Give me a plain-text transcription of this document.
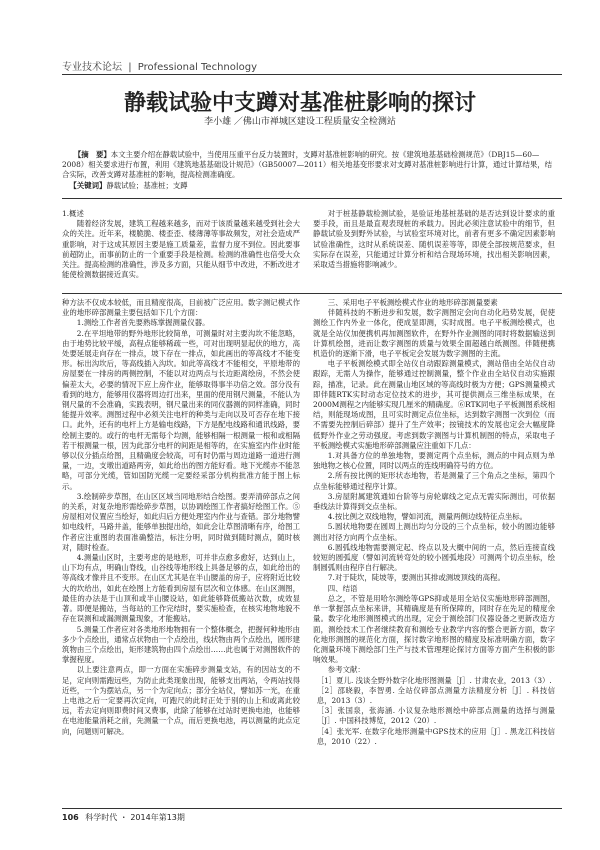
专业技术论坛 | Professional Technology
静载试验中支蹲对基准桩影响的探讨
李小雄 ／佛山市禅城区建设工程质量安全检测站
【摘　要】本文主要介绍在静载试验中，当使用压重平台反力装置时，支蹲对基准桩影响的研究。按《建筑地基基础检测规范》（DBJ15—60—2008）相关要求进行布置，利用《建筑地基基础设计规范》（GB50007—2011）相关地基变形要求对支蹲对基准桩影响进行计算，通过计算结果，结合实际，改善支蹲对基准桩的影响，提高检测准确度。
【关键词】静载试验；基准桩；支蹲
1.概述

随着经济发展，建筑工程越来越多，而对于该质量越来越受到社会大众的关注。近年来，楼脆脆、楼歪歪、楼薄薄等事故频发，对社会造成严重影响，对于这成其原因主要是施工质量差，监督力度不到位。因此要事前超防止，而事前防止的一个重要手段是检测。检测的准确性也倍受大众关注。提高检测的准确性，涉及多方面，只能从细节中改进，不断改进才能使检测数据接近真实。

对于桩基静载检测试验，是验证地基桩基础的是否达到设计要求的重要手段，而且是最直观表现桩的承载力。因此必须注意试验中的细节，但静载试验及到野外试验，与试验室环境对比，前者有更多不确定因素影响试验准确性，这时从系统误差、随机误差等等，即使全部按规范要求，但实际存在误差，只能通过计算分析和结合现场环境，找出相关影响因素，采取适当措施将影响减少。

种方法不仅成本较低，而且精度很高，目前被广泛应用。数字测记模式作业的地形碎部测量主要包括如下几个方面：

1.测绘工作者首先要熟练掌握测量仪器。

2.在平坦地带的野外地形比较简单，可测量时对主要沟坎不能忽略，由于地势比较平缓，高程点能够稀疏一些，可对出现明显起伏的地方，高处要延展走向存在一排点，坡下存在一排点，如此画出的等高线才不能变形。标出沟坎后，等高线插入沟坎。如此等高线才不能相交，平原地带的房屋要在一排房的两侧控制，不能以对边两点与长边距离绘房，不然会使偏差太大，必要的情况下应上房作业，能够取得事半功倍之效。部分没有看到的地方，能够用仪器将周边打出来，里面的使用钢尺测量，不能认为钢尺量的不会准确，实践表明，钢尺量出来的同仪器测的同样准确，同时能提升效率。测图过程中必须关注电杆的种类与走向以及可否存在地下接口。此外，还有的电杆上方是输电线路，下方是配电线路和通讯线路，要绘制主要的。或行的电杆无需每个均测，能够相隔一根测量一根和或相隔若干根测量一根，因为此部分电杆的间距是相等的，在实施室内作业时能够以仪分插点给图，且精确度会较高，可有时仍需与周边道路一道进行测量，一边，支墩出道路两旁，如此给出的图方能好看。地下光缆亦不能忽略，可部分光缆，管如国防光缆一定要经采部分机构批准方能于图上标示。

3.绘制碎步草图，在山区区域当同地形结合绘图。要弄清碎部点之间的关系，对复杂地形需绘碎步草图，以协调绘图工作者搞好绘图工作。⑤房屋相对仪置应当绘好，如此归后方便处理室内作业与查错。部分地物譬如电线杆，马路井盖，能够单独提出给，如此会让草图清晰有序，给图工作者应注重图的表面准确整洁，标注分明，同时做到随时测点，随时核对，随时检查。

4.测量山区时，主要考虑的是地形，可并非点愈多愈好，达到山上，山下均有点，明确山脊线，山谷线等地形线上具备足够的点，如此给出的等高线才像并且不变形。在山区尤其是在半山腰盖的房子，应将附近比较大的坎给出，如此在绘图上方能看到房屋有层次和立体感。在山区测图，最佳的办法是于山顶和或半山腰设站，如此能够降低搬站次数，成效显著。即便是搬站，当每站的工作完结时，要实施检查，在核实地物地貌不存在误测和或漏测测量现象，才能搬站。

5.测量工作者应对各类地形地物拥有一个整体概念，把握何种地形由多少个点绘出，通常点状物由一个点绘出，线状物由两个点绘出，圆形建筑物由三个点绘出，矩形建筑物由四个点绘出……此也属于对测图软件的掌握程度。

以上要注意两点，即一方面在实施碎步测量支站，有的因站支的不足，定向则需跑远些，为防止此类现象出现，能够支出两站，令两站找得近些，一个为摆站点，另一个为定向点；部分全站仪，譬如苏一光，在重上电池之后一定要再次定向，可跑尺的此时正处于别的山上和或离此较远，若去定向则即费时间又费事，此除了能够在过站时更换电池，也能够在电池能量消耗之前，先测量一个点，而后更换电池，再以测量的此点定向，问题则可解决。

三、采用电子平板测绘模式作业的地形碎部测量要素

伴随科技的不断进步和发展，数字测图定会向自动化趋势发展，促使测绘工作内外业一体化，使成显即测，实时成图。电子平板测绘模式，也就是全站仪加便携机再加测图软件，在野外作业测图的同时将数据输送到计算机绘图，进而让数字测图的质量与效果全面超越白纸测图。伴随便携机造价的逐渐下滑，电子平板定会发展为数字测图的主流。

电子平板测绘模式即全站仪自动跟踪测量模式，测站借由全站仪自动跟踪，无需人为操作，能够通过控制测量，整个作业由全站仪自动实施跟踪，描准，记录。此在测量山地区域的等高线时极为方便；GPS测量模式即伴随RTK实时动态定位技术的进步，其可提供测点三维坐标成果，在2000M测程之内能够实现几厘米的精确度。⑥RTK同电子平板测图系统相结，则能现场成图，且可实时测定点位坐标，达到数字测图一次到位（而不需要先控制后碎部）提升了生产效率；按镜技术的发展也定会大幅度降低野外作业之劳动强度。考虑到数字测图与计算机制图的特点，采取电子平板测绘模式实施地形碎部测量应注重如下几点：

1.对具备方位的单独地物，要测定两个点坐标，测点的中间点则为单独地物之核心位置，同时以两点的连线明确符号的方位。

2.所有按比例的矩形状态地物，若是测量了三个角点之坐标，第四个点坐标能够通过程序计算。

3.房屋附属建筑通如台阶等与房轮廓线之定点无需实际测出，可依据垂线法计算得到交点坐标。

4.按比例之双线地物，譬如河流，测量两侧边线特征点坐标。

5.圆状地物要在圆周上测出均匀分设的三个点坐标，较小的圆边能够测出对径方向两个点坐标。

6.圆弧线地物需要测定起、终点以及大概中间的一点，然后连接直线较短的圆弧度（譬如河流转弯处的较小圆弧地段）可测两个切点坐标，绘制圆弧则由程序自行解决。

7.对于陡坎，陡坡等，要测出其排或测坡顶线的高程。

四、结语

总之，不管是用哈尔测绘等GPS抑或是用全站仪实施地形碎部测图，单一掌握部点坐标来讲，其精确度是有所保障的，同时存在先足的精度余量。数字化地形测图模式的出现，定会于测绘部门仪器设备之更新改造方面，测绘技术工作者继续教育和测绘专业教学内容的整合更新方面，数字化地形测图的规范化方面，探讨数字地形图的精度及标准明确方面，数字化测量环境下测绘部门生产与技术管理理论探讨方面等方面产生积极的影响效果。

参考文献：

［1］夏儿. 浅谈全野外数字化地形图测量［J］. 甘肃农业，2013（3）.

［2］邵晓毅，李智勇. 全站仪碎部点测量方法精度分析［J］. 科技信息，2013（3）.

［3］张国泉，张海涵. 小议复杂地形测绘中碎部点测量的选择与测量［J］. 中国科技博览，2012（20）.

［4］张光军. 在数字化地形测量中GPS技术的应用［J］. 黑龙江科技信息，2010（22）.

106 科学时代 ・ 2014年第13期
